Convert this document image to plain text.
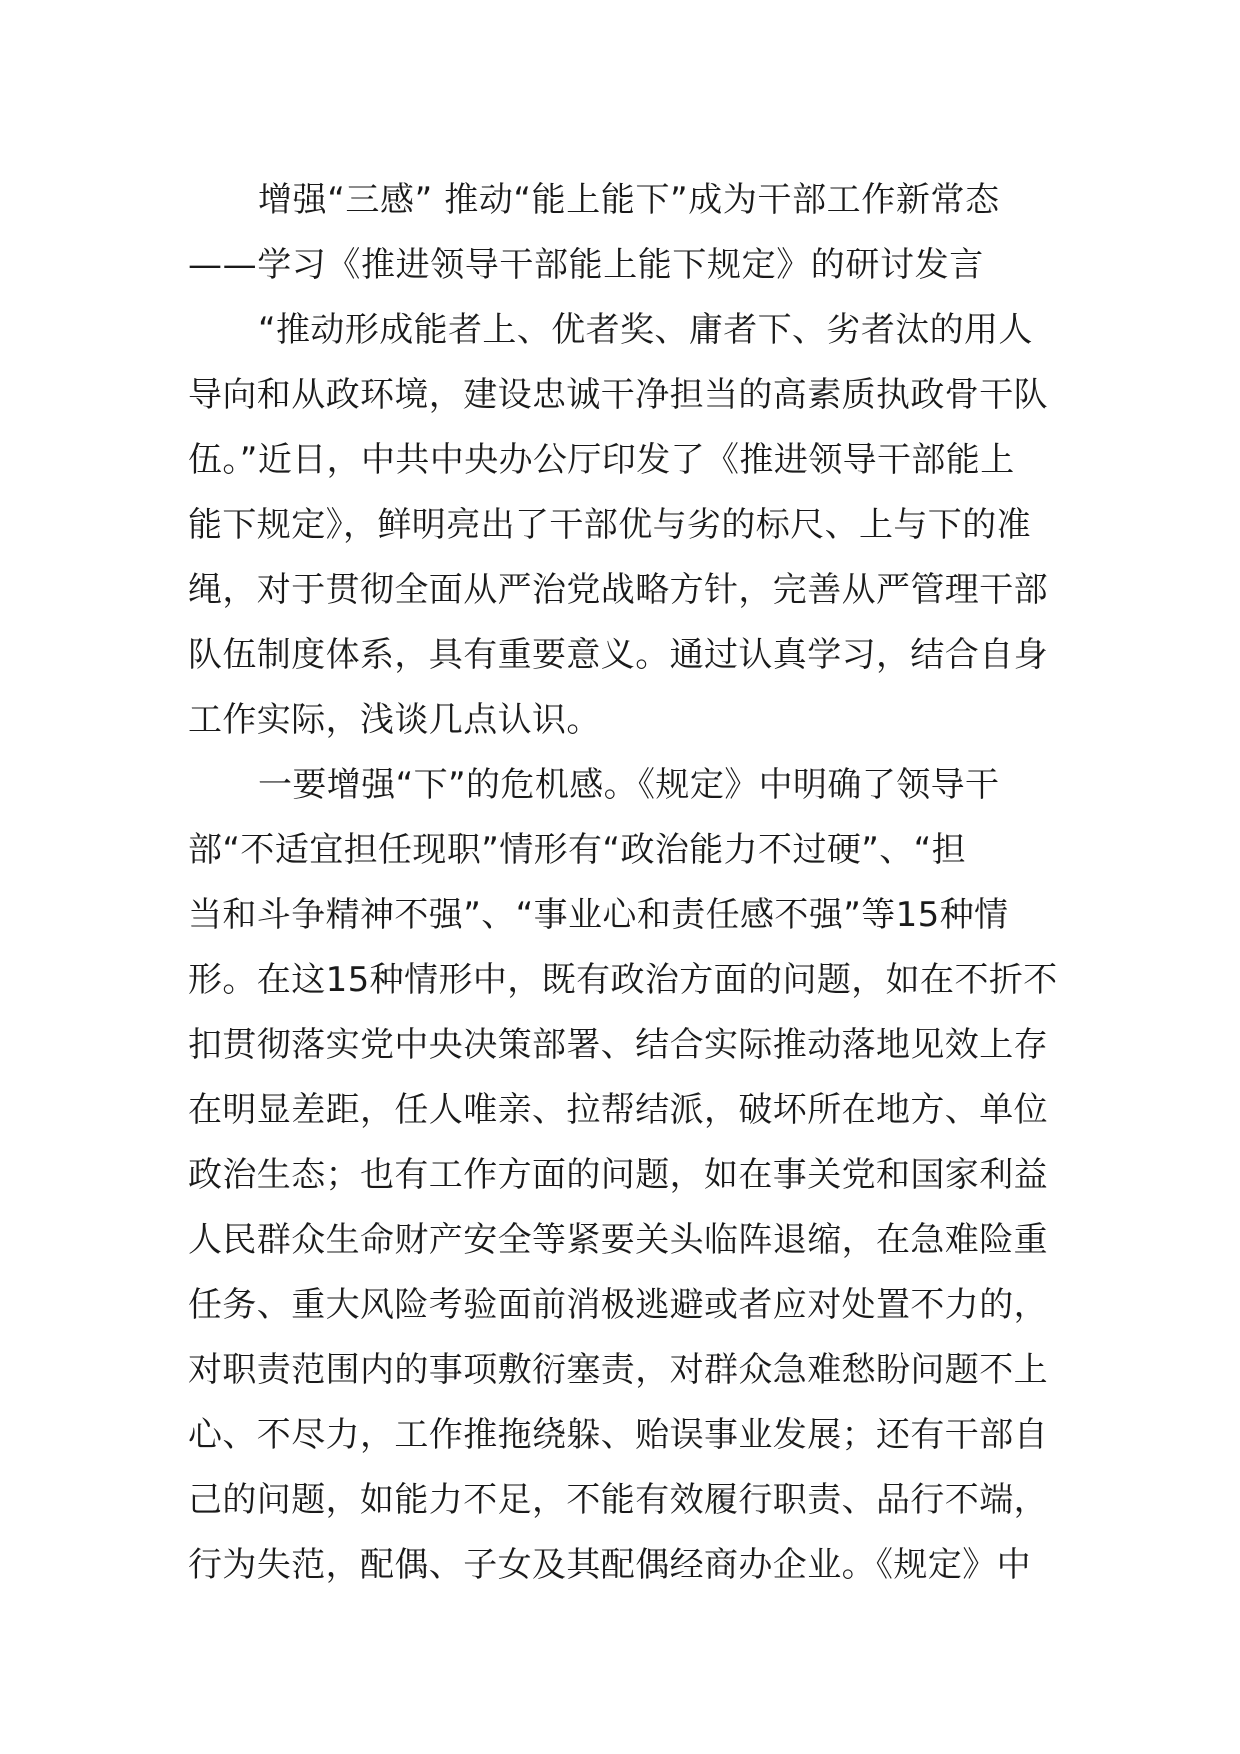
增强“三感” 推动“能上能下”成为干部工作新常态
——学习《推进领导干部能上能下规定》的研讨发言
“推动形成能者上、优者奖、庸者下、劣者汰的用人
导向和从政环境，建设忠诚干净担当的高素质执政骨干队
伍。”近日，中共中央办公厅印发了《推进领导干部能上
能下规定》，鲜明亮出了干部优与劣的标尺、上与下的准
绳，对于贯彻全面从严治党战略方针，完善从严管理干部
队伍制度体系，具有重要意义。通过认真学习，结合自身
工作实际，浅谈几点认识。
一要增强“下”的危机感。《规定》中明确了领导干
部“不适宜担任现职”情形有“政治能力不过硬”、“担
当和斗争精神不强”、“事业心和责任感不强”等15种情
形。在这15种情形中，既有政治方面的问题，如在不折不
扣贯彻落实党中央决策部署、结合实际推动落地见效上存
在明显差距，任人唯亲、拉帮结派，破坏所在地方、单位
政治生态；也有工作方面的问题，如在事关党和国家利益
人民群众生命财产安全等紧要关头临阵退缩，在急难险重
任务、重大风险考验面前消极逃避或者应对处置不力的，
对职责范围内的事项敷衍塞责，对群众急难愁盼问题不上
心、不尽力，工作推拖绕躲、贻误事业发展；还有干部自
己的问题，如能力不足，不能有效履行职责、品行不端，
行为失范，配偶、子女及其配偶经商办企业。《规定》中
